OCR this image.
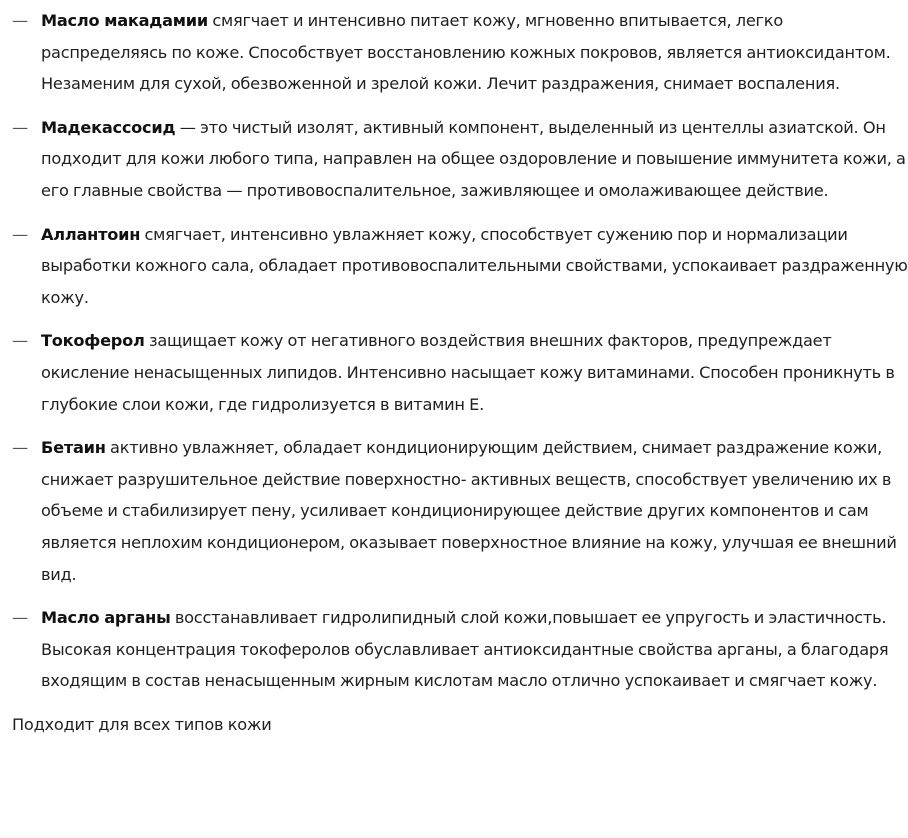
— Масло макадамии смягчает и интенсивно питает кожу, мгновенно впитывается, легко распределяясь по коже. Способствует восстановлению кожных покровов, является антиоксидантом. Незаменим для сухой, обезвоженной и зрелой кожи. Лечит раздражения, снимает воспаления.
— Мадекассосид — это чистый изолят, активный компонент, выделенный из центеллы азиатской. Он подходит для кожи любого типа, направлен на общее оздоровление и повышение иммунитета кожи, а его главные свойства — противовоспалительное, заживляющее и омолаживающее действие.
— Аллантоин смягчает, интенсивно увлажняет кожу, способствует сужению пор и нормализации выработки кожного сала, обладает противовоспалительными свойствами, успокаивает раздраженную кожу.
— Токоферол защищает кожу от негативного воздействия внешних факторов, предупреждает окисление ненасыщенных липидов. Интенсивно насыщает кожу витаминами. Способен проникнуть в глубокие слои кожи, где гидролизуется в витамин Е.
— Бетаин активно увлажняет, обладает кондиционирующим действием, снимает раздражение кожи, снижает разрушительное действие поверхностно- активных веществ, способствует увеличению их в объеме и стабилизирует пену, усиливает кондиционирующее действие других компонентов и сам является неплохим кондиционером, оказывает поверхностное влияние на кожу, улучшая ее внешний вид.
— Масло арганы восстанавливает гидролипидный слой кожи,повышает ее упругость и эластичность. Высокая концентрация токоферолов обуславливает антиоксидантные свойства арганы, а благодаря входящим в состав ненасыщенным жирным кислотам масло отлично успокаивает и смягчает кожу.
Подходит для всех типов кожи
